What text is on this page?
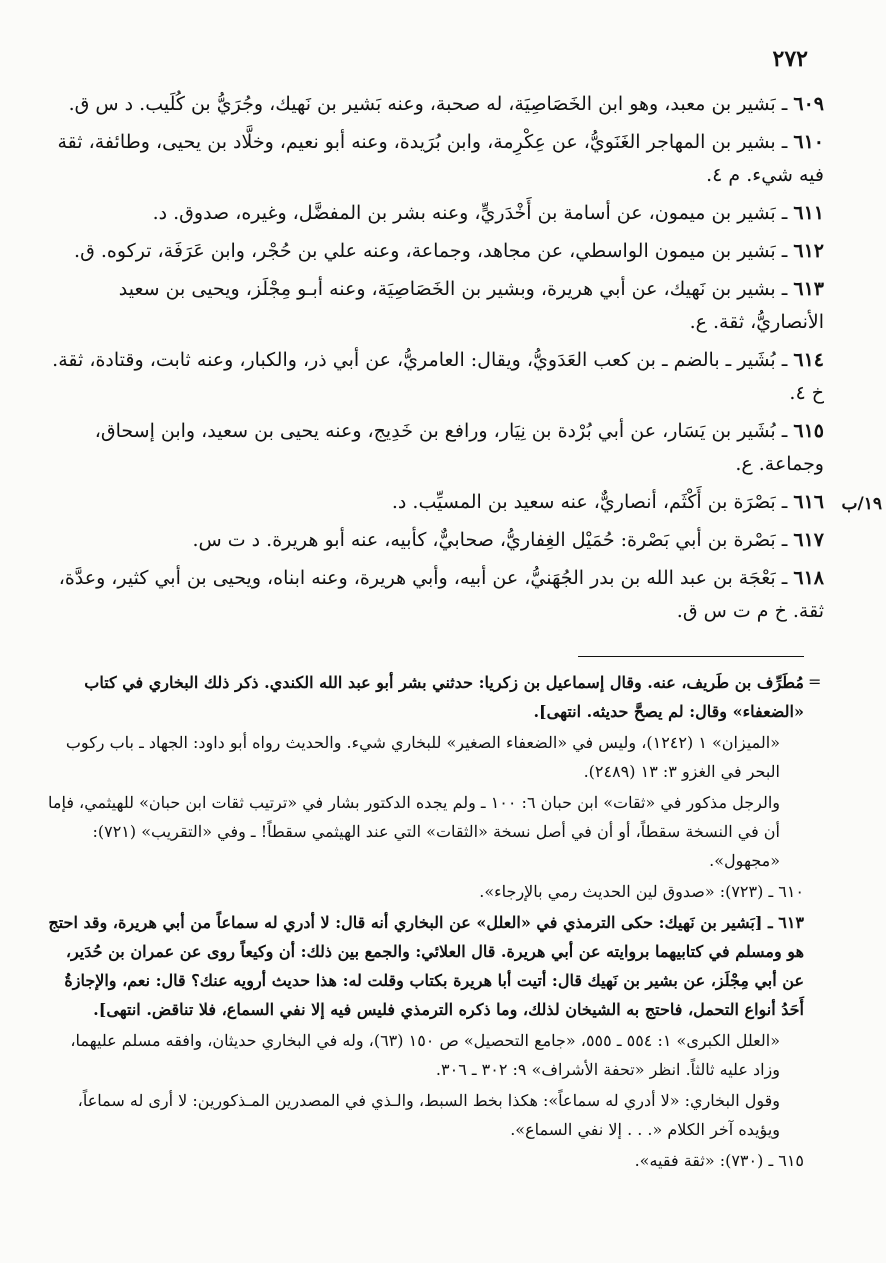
٢٧٢
١٩/ب

٦٠٩ ـ بَشير بن معبد، وهو ابن الخَصَاصِيَة، له صحبة، وعنه بَشير بن نَهيك، وجُرَيُّ بن كُلَيب. د س ق.

٦١٠ ـ بشير بن المهاجر الغَنَويُّ، عن عِكْرِمة، وابن بُرَيدة، وعنه أبو نعيم، وخلَّاد بن يحيى، وطائفة، ثقة فيه شيء. م ٤.

٦١١ ـ بَشير بن ميمون، عن أسامة بن أَخْدَريٍّ، وعنه بشر بن المفضَّل، وغيره، صدوق. د.

٦١٢ ـ بَشير بن ميمون الواسطي، عن مجاهد، وجماعة، وعنه علي بن حُجْر، وابن عَرَفَة، تركوه. ق.

٦١٣ ـ بشير بن نَهيك، عن أبي هريرة، وبشير بن الخَصَاصِيَة، وعنه أبـو مِجْلَز، ويحيى بن سعيد الأنصاريُّ، ثقة. ع.

٦١٤ ـ بُشَير ـ بالضم ـ بن كعب العَدَويُّ، ويقال: العامريُّ، عن أبي ذر، والكبار، وعنه ثابت، وقتادة، ثقة. خ ٤.

٦١٥ ـ بُشَير بن يَسَار، عن أبي بُرْدة بن نِيَار، ورافع بن خَدِيج، وعنه يحيى بن سعيد، وابن إسحاق، وجماعة. ع.

٦١٦ ـ بَصْرَة بن أَكْثَم، أنصاريٌّ، عنه سعيد بن المسيِّب. د.

٦١٧ ـ بَصْرة بن أبي بَصْرة: حُمَيْل الغِفاريُّ، صحابيٌّ، كأبيه، عنه أبو هريرة. د ت س.

٦١٨ ـ بَعْجَة بن عبد الله بن بدر الجُهَنيُّ، عن أبيه، وأبي هريرة، وعنه ابناه، ويحيى بن أبي كثير، وعدَّة، ثقة. خ م ت س ق.

=

مُطَرِّف بن طَريف، عنه. وقال إسماعيل بن زكريا: حدثني بشر أبو عبد الله الكندي. ذكر ذلك البخاري في كتاب «الضعفاء» وقال: لم يصحَّ حديثه. انتهى].

«الميزان» ١ (١٢٤٢)، وليس في «الضعفاء الصغير» للبخاري شيء. والحديث رواه أبو داود: الجهاد ـ باب ركوب البحر في الغزو ٣: ١٣ (٢٤٨٩).

والرجل مذكور في «ثقات» ابن حبان ٦: ١٠٠ ـ ولم يجده الدكتور بشار في «ترتيب ثقات ابن حبان» للهيثمي، فإما أن في النسخة سقطاً، أو أن في أصل نسخة «الثقات» التي عند الهيثمي سقطاً! ـ وفي «التقريب» (٧٢١): «مجهول».

٦١٠ ـ (٧٢٣): «صدوق لين الحديث رمي بالإرجاء».

٦١٣ ـ [بَشير بن نَهيك: حكى الترمذي في «العلل» عن البخاري أنه قال: لا أدري له سماعاً من أبي هريرة، وقد احتج هو ومسلم في كتابيهما بروايته عن أبي هريرة. قال العلائي: والجمع بين ذلك: أن وكيعاً روى عن عمران بن حُدَير، عن أبي مِجْلَز، عن بشير بن نَهيك قال: أتيت أبا هريرة بكتاب وقلت له: هذا حديث أرويه عنك؟ قال: نعم، والإجازةُ أَحَدُ أنواع التحمل، فاحتج به الشيخان لذلك، وما ذكره الترمذي فليس فيه إلا نفي السماع، فلا تناقض. انتهى].

«العلل الكبرى» ١: ٥٥٤ ـ ٥٥٥، «جامع التحصيل» ص ١٥٠ (٦٣)، وله في البخاري حديثان، وافقه مسلم عليهما، وزاد عليه ثالثاً. انظر «تحفة الأشراف» ٩: ٣٠٢ ـ ٣٠٦.

وقول البخاري: «لا أدري له سماعاً»: هكذا بخط السبط، والـذي في المصدرين المـذكورين: لا أرى له سماعاً، ويؤيده آخر الكلام «. . . إلا نفي السماع».

٦١٥ ـ (٧٣٠): «ثقة فقيه».
